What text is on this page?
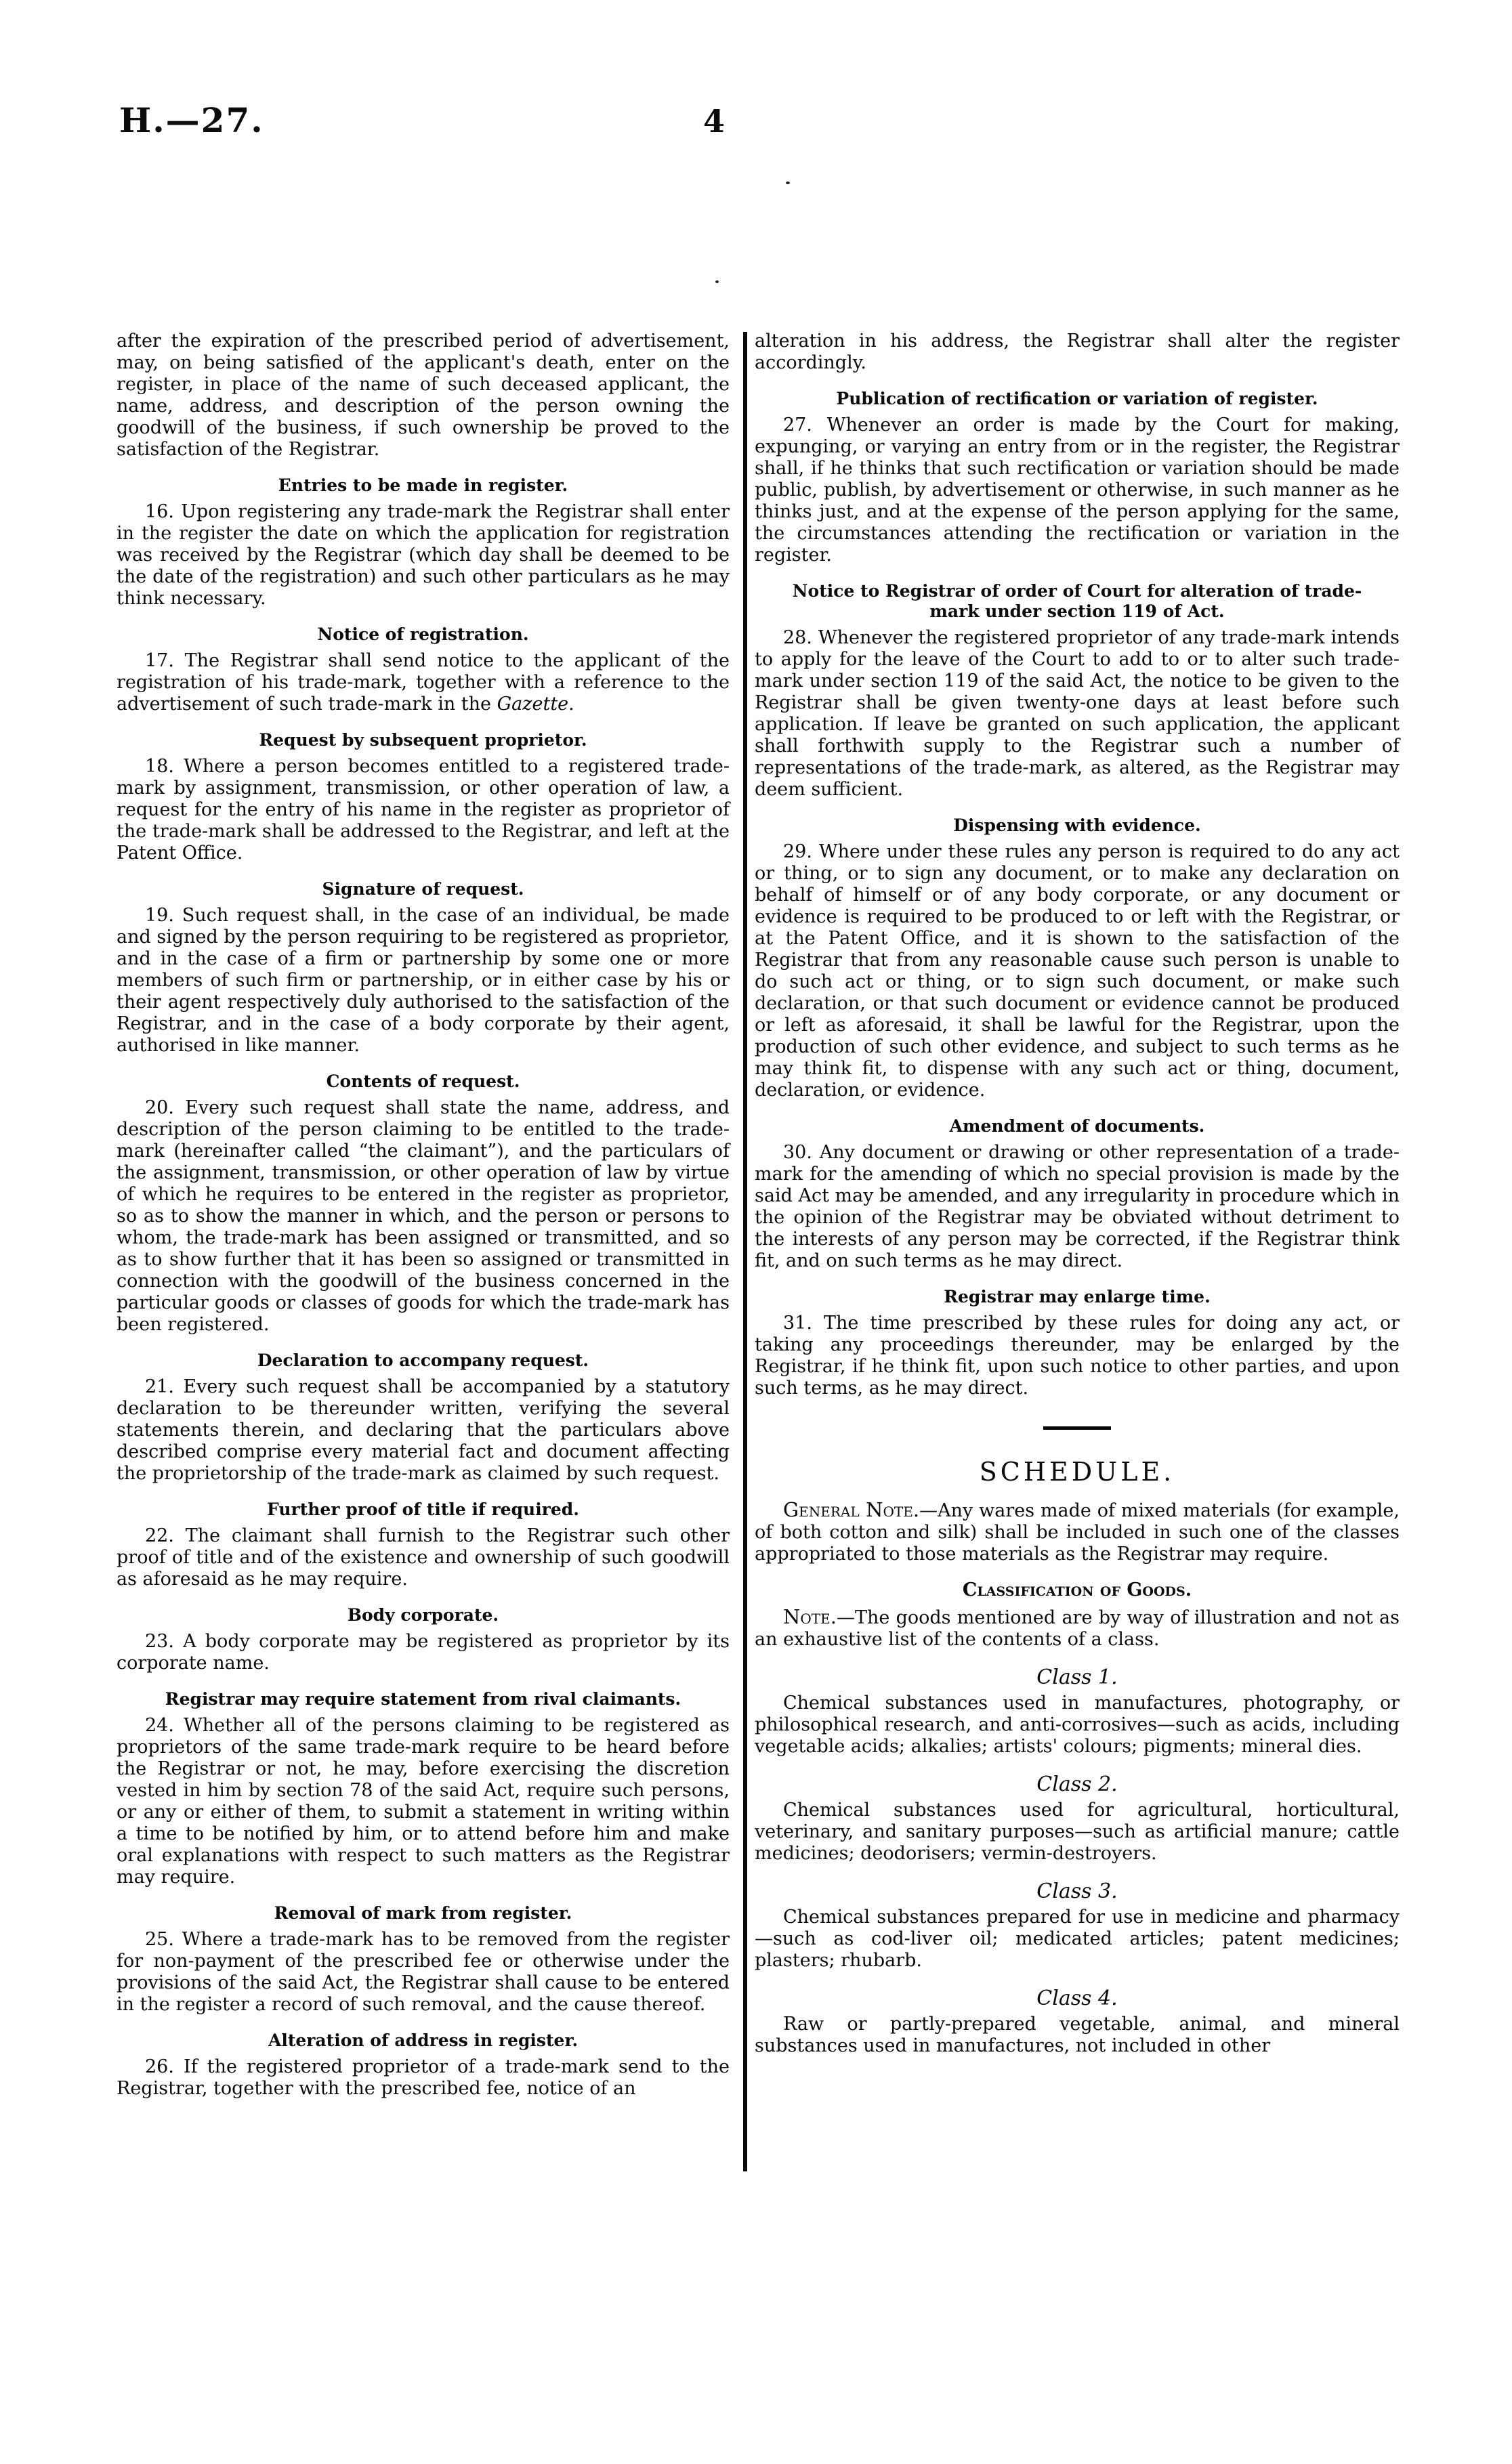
H.—27.	4

after the expiration of the prescribed period of advertisement, may, on being satisfied of the applicant's death, enter on the register, in place of the name of such deceased applicant, the name, address, and description of the person owning the goodwill of the business, if such ownership be proved to the satisfaction of the Registrar.

Entries to be made in register.

16. Upon registering any trade-mark the Registrar shall enter in the register the date on which the application for registration was received by the Registrar (which day shall be deemed to be the date of the registration) and such other particulars as he may think necessary.

Notice of registration.

17. The Registrar shall send notice to the applicant of the registration of his trade-mark, together with a reference to the advertisement of such trade-mark in the Gazette.

Request by subsequent proprietor.

18. Where a person becomes entitled to a registered trade-mark by assignment, transmission, or other operation of law, a request for the entry of his name in the register as proprietor of the trade-mark shall be addressed to the Registrar, and left at the Patent Office.

Signature of request.

19. Such request shall, in the case of an individual, be made and signed by the person requiring to be registered as proprietor, and in the case of a firm or partnership by some one or more members of such firm or partnership, or in either case by his or their agent respectively duly authorised to the satisfaction of the Registrar, and in the case of a body corporate by their agent, authorised in like manner.

Contents of request.

20. Every such request shall state the name, address, and description of the person claiming to be entitled to the trade-mark (hereinafter called “the claimant”), and the particulars of the assignment, transmission, or other operation of law by virtue of which he requires to be entered in the register as proprietor, so as to show the manner in which, and the person or persons to whom, the trade-mark has been assigned or transmitted, and so as to show further that it has been so assigned or transmitted in connection with the goodwill of the business concerned in the particular goods or classes of goods for which the trade-mark has been registered.

Declaration to accompany request.

21. Every such request shall be accompanied by a statutory declaration to be thereunder written, verifying the several statements therein, and declaring that the particulars above described comprise every material fact and document affecting the proprietorship of the trade-mark as claimed by such request.

Further proof of title if required.

22. The claimant shall furnish to the Registrar such other proof of title and of the existence and ownership of such goodwill as aforesaid as he may require.

Body corporate.

23. A body corporate may be registered as proprietor by its corporate name.

Registrar may require statement from rival claimants.

24. Whether all of the persons claiming to be registered as proprietors of the same trade-mark require to be heard before the Registrar or not, he may, before exercising the discretion vested in him by section 78 of the said Act, require such persons, or any or either of them, to submit a statement in writing within a time to be notified by him, or to attend before him and make oral explanations with respect to such matters as the Registrar may require.

Removal of mark from register.

25. Where a trade-mark has to be removed from the register for non-payment of the prescribed fee or otherwise under the provisions of the said Act, the Registrar shall cause to be entered in the register a record of such removal, and the cause thereof.

Alteration of address in register.

26. If the registered proprietor of a trade-mark send to the Registrar, together with the prescribed fee, notice of an

alteration in his address, the Registrar shall alter the register accordingly.

Publication of rectification or variation of register.

27. Whenever an order is made by the Court for making, expunging, or varying an entry from or in the register, the Registrar shall, if he thinks that such rectification or variation should be made public, publish, by advertisement or otherwise, in such manner as he thinks just, and at the expense of the person applying for the same, the circumstances attending the rectification or variation in the register.

Notice to Registrar of order of Court for alteration of trade-mark under section 119 of Act.

28. Whenever the registered proprietor of any trade-mark intends to apply for the leave of the Court to add to or to alter such trade-mark under section 119 of the said Act, the notice to be given to the Registrar shall be given twenty-one days at least before such application. If leave be granted on such application, the applicant shall forthwith supply to the Registrar such a number of representations of the trade-mark, as altered, as the Registrar may deem sufficient.

Dispensing with evidence.

29. Where under these rules any person is required to do any act or thing, or to sign any document, or to make any declaration on behalf of himself or of any body corporate, or any document or evidence is required to be produced to or left with the Registrar, or at the Patent Office, and it is shown to the satisfaction of the Registrar that from any reasonable cause such person is unable to do such act or thing, or to sign such document, or make such declaration, or that such document or evidence cannot be produced or left as aforesaid, it shall be lawful for the Registrar, upon the production of such other evidence, and subject to such terms as he may think fit, to dispense with any such act or thing, document, declaration, or evidence.

Amendment of documents.

30. Any document or drawing or other representation of a trade-mark for the amending of which no special provision is made by the said Act may be amended, and any irregularity in procedure which in the opinion of the Registrar may be obviated without detriment to the interests of any person may be corrected, if the Registrar think fit, and on such terms as he may direct.

Registrar may enlarge time.

31. The time prescribed by these rules for doing any act, or taking any proceedings thereunder, may be enlarged by the Registrar, if he think fit, upon such notice to other parties, and upon such terms, as he may direct.

SCHEDULE.

General Note.—Any wares made of mixed materials (for example, of both cotton and silk) shall be included in such one of the classes appropriated to those materials as the Registrar may require.

Classification of Goods.

Note.—The goods mentioned are by way of illustration and not as an exhaustive list of the contents of a class.

Class 1.

Chemical substances used in manufactures, photography, or philosophical research, and anti-corrosives—such as acids, including vegetable acids; alkalies; artists' colours; pigments; mineral dies.

Class 2.

Chemical substances used for agricultural, horticultural, veterinary, and sanitary purposes—such as artificial manure; cattle medicines; deodorisers; vermin-destroyers.

Class 3.

Chemical substances prepared for use in medicine and pharmacy—such as cod-liver oil; medicated articles; patent medicines; plasters; rhubarb.

Class 4.

Raw or partly-prepared vegetable, animal, and mineral substances used in manufactures, not included in other
